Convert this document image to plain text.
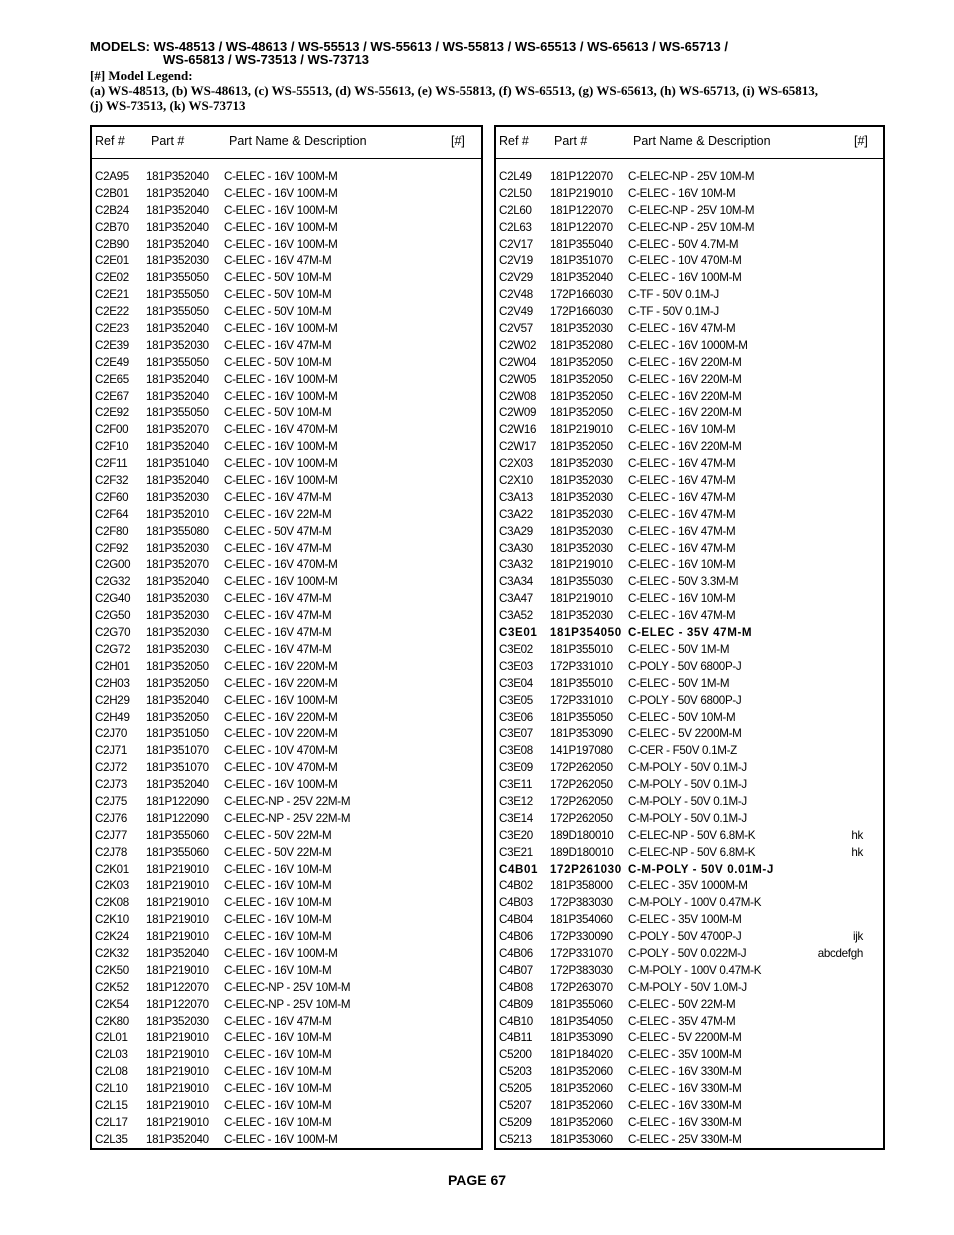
MODELS: WS-48513 / WS-48613 / WS-55513 / WS-55613 / WS-55813 / WS-65513 / WS-65613 / WS-65713 /
WS-65813 / WS-73513 / WS-73713
[#] Model Legend:
(a) WS-48513, (b) WS-48613, (c) WS-55513, (d) WS-55613, (e) WS-55813, (f) WS-65513, (g) WS-65613, (h) WS-65713, (i) WS-65813,
(j) WS-73513, (k) WS-73713
Ref # Part #	Part Name & Description	[#]
C2A95 181P352040 C-ELEC - 16V 100M-M
C2B01 181P352040 C-ELEC - 16V 100M-M
C2B24 181P352040 C-ELEC - 16V 100M-M
C2B70 181P352040 C-ELEC - 16V 100M-M
C2B90 181P352040 C-ELEC - 16V 100M-M
C2E01 181P352030 C-ELEC - 16V 47M-M
C2E02 181P355050 C-ELEC - 50V 10M-M
C2E21 181P355050 C-ELEC - 50V 10M-M
C2E22 181P355050 C-ELEC - 50V 10M-M
C2E23 181P352040 C-ELEC - 16V 100M-M
C2E39 181P352030 C-ELEC - 16V 47M-M
C2E49 181P355050 C-ELEC - 50V 10M-M
C2E65 181P352040 C-ELEC - 16V 100M-M
C2E67 181P352040 C-ELEC - 16V 100M-M
C2E92 181P355050 C-ELEC - 50V 10M-M
C2F00 181P352070 C-ELEC - 16V 470M-M
C2F10 181P352040 C-ELEC - 16V 100M-M
C2F11 181P351040 C-ELEC - 10V 100M-M
C2F32 181P352040 C-ELEC - 16V 100M-M
C2F60 181P352030 C-ELEC - 16V 47M-M
C2F64 181P352010 C-ELEC - 16V 22M-M
C2F80 181P355080 C-ELEC - 50V 47M-M
C2F92 181P352030 C-ELEC - 16V 47M-M
C2G00 181P352070 C-ELEC - 16V 470M-M
C2G32 181P352040 C-ELEC - 16V 100M-M
C2G40 181P352030 C-ELEC - 16V 47M-M
C2G50 181P352030 C-ELEC - 16V 47M-M
C2G70 181P352030 C-ELEC - 16V 47M-M
C2G72 181P352030 C-ELEC - 16V 47M-M
C2H01 181P352050 C-ELEC - 16V 220M-M
C2H03 181P352050 C-ELEC - 16V 220M-M
C2H29 181P352040 C-ELEC - 16V 100M-M
C2H49 181P352050 C-ELEC - 16V 220M-M
C2J70 181P351050 C-ELEC - 10V 220M-M
C2J71 181P351070 C-ELEC - 10V 470M-M
C2J72 181P351070 C-ELEC - 10V 470M-M
C2J73 181P352040 C-ELEC - 16V 100M-M
C2J75 181P122090 C-ELEC-NP - 25V 22M-M
C2J76 181P122090 C-ELEC-NP - 25V 22M-M
C2J77 181P355060 C-ELEC - 50V 22M-M
C2J78 181P355060 C-ELEC - 50V 22M-M
C2K01 181P219010 C-ELEC - 16V 10M-M
C2K03 181P219010 C-ELEC - 16V 10M-M
C2K08 181P219010 C-ELEC - 16V 10M-M
C2K10 181P219010 C-ELEC - 16V 10M-M
C2K24 181P219010 C-ELEC - 16V 10M-M
C2K32 181P352040 C-ELEC - 16V 100M-M
C2K50 181P219010 C-ELEC - 16V 10M-M
C2K52 181P122070 C-ELEC-NP - 25V 10M-M
C2K54 181P122070 C-ELEC-NP - 25V 10M-M
C2K80 181P352030 C-ELEC - 16V 47M-M
C2L01 181P219010 C-ELEC - 16V 10M-M
C2L03 181P219010 C-ELEC - 16V 10M-M
C2L08 181P219010 C-ELEC - 16V 10M-M
C2L10 181P219010 C-ELEC - 16V 10M-M
C2L15 181P219010 C-ELEC - 16V 10M-M
C2L17 181P219010 C-ELEC - 16V 10M-M
C2L35 181P352040 C-ELEC - 16V 100M-M
Ref # Part #	Part Name & Description	[#]
C2L49 181P122070 C-ELEC-NP - 25V 10M-M
C2L50 181P219010 C-ELEC - 16V 10M-M
C2L60 181P122070 C-ELEC-NP - 25V 10M-M
C2L63 181P122070 C-ELEC-NP - 25V 10M-M
C2V17 181P355040 C-ELEC - 50V 4.7M-M
C2V19 181P351070 C-ELEC - 10V 470M-M
C2V29 181P352040 C-ELEC - 16V 100M-M
C2V48 172P166030 C-TF - 50V 0.1M-J
C2V49 172P166030 C-TF - 50V 0.1M-J
C2V57 181P352030 C-ELEC - 16V 47M-M
C2W02 181P352080 C-ELEC - 16V 1000M-M
C2W04 181P352050 C-ELEC - 16V 220M-M
C2W05 181P352050 C-ELEC - 16V 220M-M
C2W08 181P352050 C-ELEC - 16V 220M-M
C2W09 181P352050 C-ELEC - 16V 220M-M
C2W16 181P219010 C-ELEC - 16V 10M-M
C2W17 181P352050 C-ELEC - 16V 220M-M
C2X03 181P352030 C-ELEC - 16V 47M-M
C2X10 181P352030 C-ELEC - 16V 47M-M
C3A13 181P352030 C-ELEC - 16V 47M-M
C3A22 181P352030 C-ELEC - 16V 47M-M
C3A29 181P352030 C-ELEC - 16V 47M-M
C3A30 181P352030 C-ELEC - 16V 47M-M
C3A32 181P219010 C-ELEC - 16V 10M-M
C3A34 181P355030 C-ELEC - 50V 3.3M-M
C3A47 181P219010 C-ELEC - 16V 10M-M
C3A52 181P352030 C-ELEC - 16V 47M-M
C3E01 181P354050 C-ELEC - 35V 47M-M
C3E02 181P355010 C-ELEC - 50V 1M-M
C3E03 172P331010 C-POLY - 50V 6800P-J
C3E04 181P355010 C-ELEC - 50V 1M-M
C3E05 172P331010 C-POLY - 50V 6800P-J
C3E06 181P355050 C-ELEC - 50V 10M-M
C3E07 181P353090 C-ELEC - 5V 2200M-M
C3E08 141P197080 C-CER - F50V 0.1M-Z
C3E09 172P262050 C-M-POLY - 50V 0.1M-J
C3E11 172P262050 C-M-POLY - 50V 0.1M-J
C3E12 172P262050 C-M-POLY - 50V 0.1M-J
C3E14 172P262050 C-M-POLY - 50V 0.1M-J
C3E20 189D180010 C-ELEC-NP - 50V 6.8M-K	hk
C3E21 189D180010 C-ELEC-NP - 50V 6.8M-K	hk
C4B01 172P261030 C-M-POLY - 50V 0.01M-J
C4B02 181P358000 C-ELEC - 35V 1000M-M
C4B03 172P383030 C-M-POLY - 100V 0.47M-K
C4B04 181P354060 C-ELEC - 35V 100M-M
C4B06 172P330090 C-POLY - 50V 4700P-J	ijk
C4B06 172P331070 C-POLY - 50V 0.022M-J	abcdefgh
C4B07 172P383030 C-M-POLY - 100V 0.47M-K
C4B08 172P263070 C-M-POLY - 50V 1.0M-J
C4B09 181P355060 C-ELEC - 50V 22M-M
C4B10 181P354050 C-ELEC - 35V 47M-M
C4B11 181P353090 C-ELEC - 5V 2200M-M
C5200 181P184020 C-ELEC - 35V 100M-M
C5203 181P352060 C-ELEC - 16V 330M-M
C5205 181P352060 C-ELEC - 16V 330M-M
C5207 181P352060 C-ELEC - 16V 330M-M
C5209 181P352060 C-ELEC - 16V 330M-M
C5213 181P353060 C-ELEC - 25V 330M-M
PAGE 67
